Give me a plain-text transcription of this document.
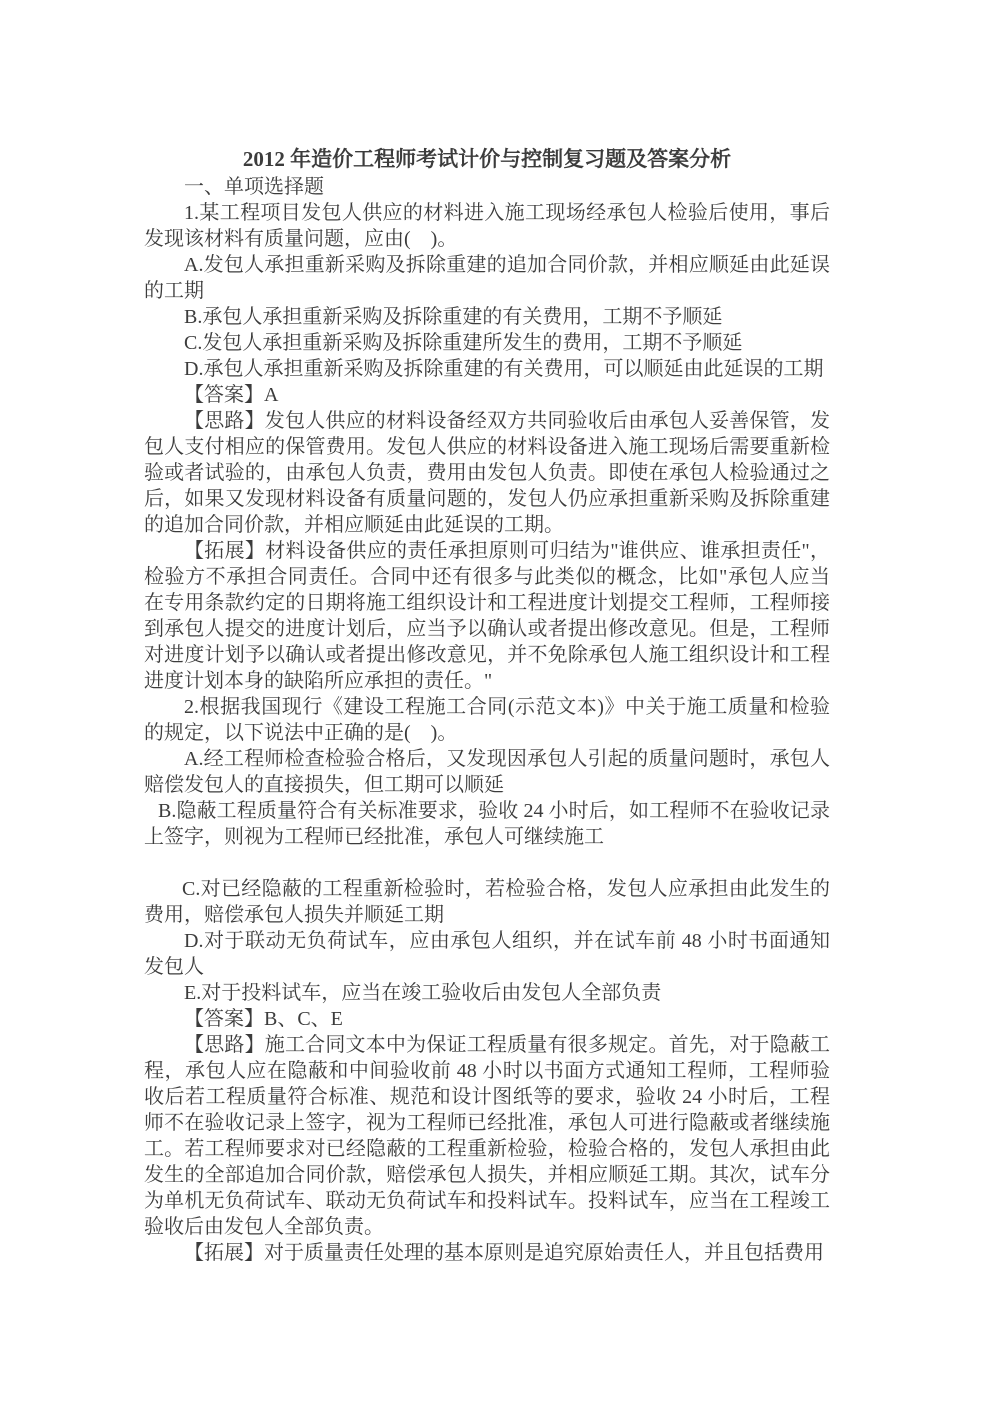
2012 年造价工程师考试计价与控制复习题及答案分析

一、单项选择题

1.某工程项目发包人供应的材料进入施工现场经承包人检验后使用，事后发现该材料有质量问题，应由(　)。

A.发包人承担重新采购及拆除重建的追加合同价款，并相应顺延由此延误的工期

B.承包人承担重新采购及拆除重建的有关费用，工期不予顺延

C.发包人承担重新采购及拆除重建所发生的费用，工期不予顺延

D.承包人承担重新采购及拆除重建的有关费用，可以顺延由此延误的工期

【答案】A

【思路】发包人供应的材料设备经双方共同验收后由承包人妥善保管，发包人支付相应的保管费用。发包人供应的材料设备进入施工现场后需要重新检验或者试验的，由承包人负责，费用由发包人负责。即使在承包人检验通过之后，如果又发现材料设备有质量问题的，发包人仍应承担重新采购及拆除重建的追加合同价款，并相应顺延由此延误的工期。

【拓展】材料设备供应的责任承担原则可归结为"谁供应、谁承担责任"，检验方不承担合同责任。合同中还有很多与此类似的概念，比如"承包人应当在专用条款约定的日期将施工组织设计和工程进度计划提交工程师，工程师接到承包人提交的进度计划后，应当予以确认或者提出修改意见。但是，工程师对进度计划予以确认或者提出修改意见，并不免除承包人施工组织设计和工程进度计划本身的缺陷所应承担的责任。"

2.根据我国现行《建设工程施工合同(示范文本)》中关于施工质量和检验的规定，以下说法中正确的是(　)。

A.经工程师检查检验合格后，又发现因承包人引起的质量问题时，承包人赔偿发包人的直接损失，但工期可以顺延

B.隐蔽工程质量符合有关标准要求，验收 24 小时后，如工程师不在验收记录上签字，则视为工程师已经批准，承包人可继续施工

C.对已经隐蔽的工程重新检验时，若检验合格，发包人应承担由此发生的费用，赔偿承包人损失并顺延工期

D.对于联动无负荷试车，应由承包人组织，并在试车前 48 小时书面通知发包人

E.对于投料试车，应当在竣工验收后由发包人全部负责

【答案】B、C、E

【思路】施工合同文本中为保证工程质量有很多规定。首先，对于隐蔽工程，承包人应在隐蔽和中间验收前 48 小时以书面方式通知工程师，工程师验收后若工程质量符合标准、规范和设计图纸等的要求，验收 24 小时后，工程师不在验收记录上签字，视为工程师已经批准，承包人可进行隐蔽或者继续施工。若工程师要求对已经隐蔽的工程重新检验，检验合格的，发包人承担由此发生的全部追加合同价款，赔偿承包人损失，并相应顺延工期。其次，试车分为单机无负荷试车、联动无负荷试车和投料试车。投料试车，应当在工程竣工验收后由发包人全部负责。

【拓展】对于质量责任处理的基本原则是追究原始责任人，并且包括费用
